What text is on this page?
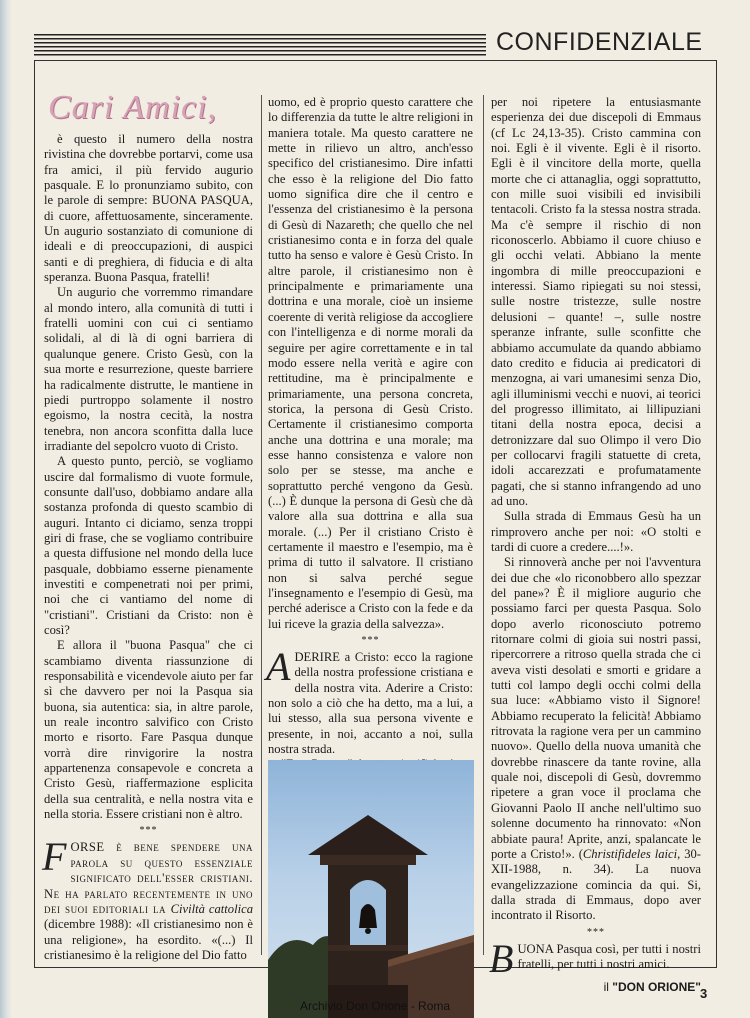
CONFIDENZIALE
Cari Amici,

è questo il numero della nostra rivistina che dovrebbe portarvi, come usa fra amici, il più fervido augurio pasquale. E lo pronunziamo subito, con le parole di sempre: BUONA PASQUA, di cuore, affettuosamente, sinceramente. Un augurio sostanziato di comunione di ideali e di preoccupazioni, di auspici santi e di preghiera, di fiducia e di alta speranza. Buona Pasqua, fratelli!

Un augurio che vorremmo rimandare al mondo intero, alla comunità di tutti i fratelli uomini con cui ci sentiamo solidali, al di là di ogni barriera di qualunque genere. Cristo Gesù, con la sua morte e resurrezione, queste barriere ha radicalmente distrutte, le mantiene in piedi purtroppo solamente il nostro egoismo, la nostra cecità, la nostra tenebra, non ancora sconfitta dalla luce irradiante del sepolcro vuoto di Cristo.

A questo punto, perciò, se vogliamo uscire dal formalismo di vuote formule, consunte dall'uso, dobbiamo andare alla sostanza profonda di questo scambio di auguri. Intanto ci diciamo, senza troppi giri di frase, che se vogliamo contribuire a questa diffusione nel mondo della luce pasquale, dobbiamo esserne pienamente investiti e compenetrati noi per primi, noi che ci vantiamo del nome di "cristiani". Cristiani da Cristo: non è così?

E allora il "buona Pasqua" che ci scambiamo diventa riassunzione di responsabilità e vicendevole aiuto per far sì che davvero per noi la Pasqua sia buona, sia autentica: sia, in altre parole, un reale incontro salvifico con Cristo morto e risorto. Fare Pasqua dunque vorrà dire rinvigorire la nostra appartenenza consapevole e concreta a Cristo Gesù, riaffermazione esplicita della sua centralità, e nella nostra vita e nella storia. Essere cristiani non è altro.

***

FORSE è bene spendere una parola su questo essenziale significato dell'esser cristiani. Ne ha parlato recentemente in uno dei suoi editoriali la Civiltà cattolica (dicembre 1988): «Il cristianesimo non è una religione», ha esordito. «(...) Il cristianesimo è la religione del Dio fatto

uomo, ed è proprio questo carattere che lo differenzia da tutte le altre religioni in maniera totale. Ma questo carattere ne mette in rilievo un altro, anch'esso specifico del cristianesimo. Dire infatti che esso è la religione del Dio fatto uomo significa dire che il centro e l'essenza del cristianesimo è la persona di Gesù di Nazareth; che quello che nel cristianesimo conta e in forza del quale tutto ha senso e valore è Gesù Cristo. In altre parole, il cristianesimo non è principalmente e primariamente una dottrina e una morale, cioè un insieme coerente di verità religiose da accogliere con l'intelligenza e di norme morali da seguire per agire correttamente e in tal modo essere nella verità e agire con rettitudine, ma è principalmente e primariamente, una persona concreta, storica, la persona di Gesù Cristo. Certamente il cristianesimo comporta anche una dottrina e una morale; ma esse hanno consistenza e valore non solo per se stesse, ma anche e soprattutto perché vengono da Gesù. (...) È dunque la persona di Gesù che dà valore alla sua dottrina e alla sua morale. (...) Per il cristiano Cristo è certamente il maestro e l'esempio, ma è prima di tutto il salvatore. Il cristiano non si salva perché segue l'insegnamento e l'esempio di Gesù, ma perché aderisce a Cristo con la fede e da lui riceve la grazia della salvezza».

***

ADERIRE a Cristo: ecco la ragione della nostra professione cristiana e della nostra vita. Aderire a Cristo: non solo a ciò che ha detto, ma a lui, a lui stesso, alla sua persona vivente e presente, in noi, accanto a noi, sulla nostra strada.

per noi ripetere la entusiasmante esperienza dei due discepoli di Emmaus (cf Lc 24,13-35). Cristo cammina con noi. Egli è il vivente. Egli è il risorto. Egli è il vincitore della morte, quella morte che ci attanaglia, oggi soprattutto, con mille suoi visibili ed invisibili tentacoli. Cristo fa la stessa nostra strada. Ma c'è sempre il rischio di non riconoscerlo. Abbiamo il cuore chiuso e gli occhi velati. Abbiano la mente ingombra di mille preoccupazioni e interessi. Siamo ripiegati su noi stessi, sulle nostre tristezze, sulle nostre delusioni – quante! –, sulle nostre speranze infrante, sulle sconfitte che abbiamo accumulate da quando abbiamo dato credito e fiducia ai predicatori di menzogna, ai vari umanesimi senza Dio, agli illuminismi vecchi e nuovi, ai teorici del progresso illimitato, ai lillipuziani titani della nostra epoca, decisi a detronizzare dal suo Olimpo il vero Dio per collocarvi fragili statuette di creta, idoli accarezzati e profumatamente pagati, che si stanno infrangendo ad uno ad uno.

Sulla strada di Emmaus Gesù ha un rimprovero anche per noi: «O stolti e tardi di cuore a credere....!».

Si rinnoverà anche per noi l'avventura dei due che «lo riconobbero allo spezzar del pane»? È il migliore augurio che possiamo farci per questa Pasqua. Solo dopo averlo riconosciuto potremo ritornare colmi di gioia sui nostri passi, ripercorrere a ritroso quella strada che ci aveva visti desolati e smorti e gridare a tutti col lampo degli occhi colmi della sua luce: «Abbiamo visto il Signore! Abbiamo recuperato la felicità! Abbiamo ritrovata la ragione vera per un cammino nuovo». Quello della nuova umanità che dovrebbe rinascere da tante rovine, alla quale noi, discepoli di Gesù, dovremmo ripetere a gran voce il proclama che Giovanni Paolo II anche nell'ultimo suo solenne documento ha rinnovato: «Non abbiate paura! Aprite, anzi, spalancate le porte a Cristo!». (Christifideles laici, 30-XII-1988, n. 34). La nuova evangelizzazione comincia da qui. Si, dalla strada di Emmaus, dopo aver incontrato il Risorto.

***

BUONA Pasqua così, per tutti i nostri fratelli, per tutti i nostri amici.

il "DON ORIONE" 3
Archivio Don Orione - Roma
